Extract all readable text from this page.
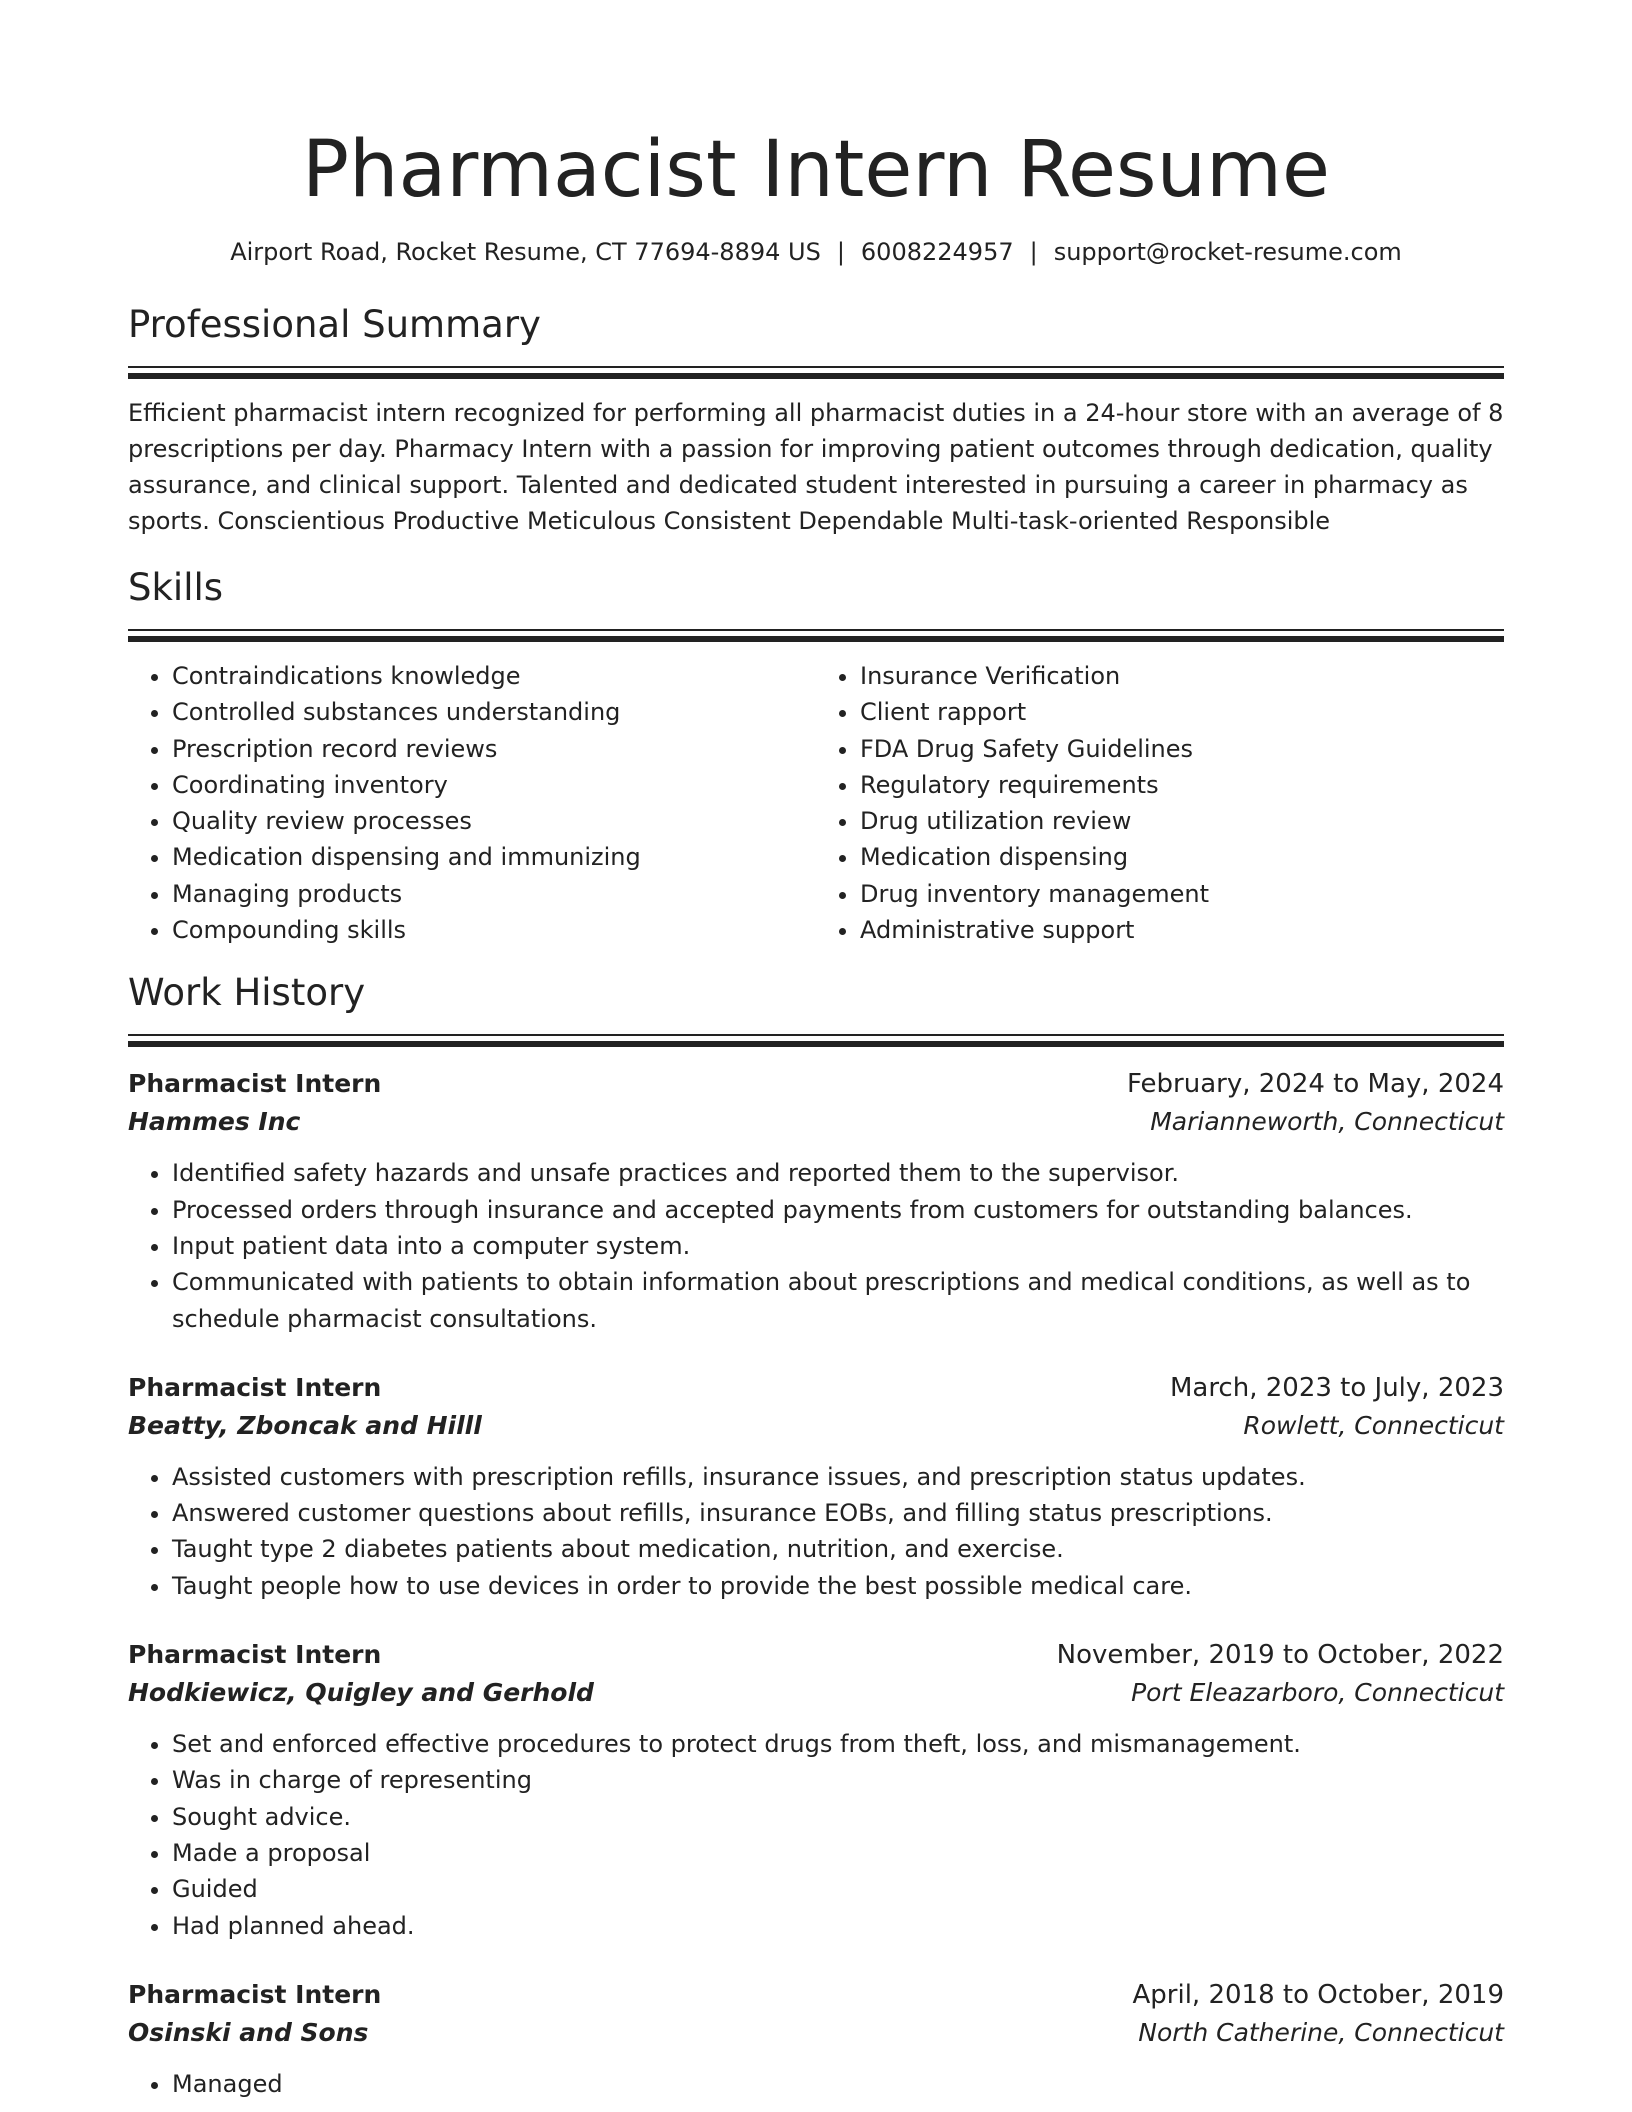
Pharmacist Intern Resume
Airport Road, Rocket Resume, CT 77694-8894 US | 6008224957 | support@rocket-resume.com
Professional Summary
Efficient pharmacist intern recognized for performing all pharmacist duties in a 24-hour store with an average of 8 prescriptions per day. Pharmacy Intern with a passion for improving patient outcomes through dedication, quality assurance, and clinical support. Talented and dedicated student interested in pursuing a career in pharmacy as sports. Conscientious Productive Meticulous Consistent Dependable Multi-task-oriented Responsible
Skills
• Contraindications knowledge
• Controlled substances understanding
• Prescription record reviews
• Coordinating inventory
• Quality review processes
• Medication dispensing and immunizing
• Managing products
• Compounding skills
• Insurance Verification
• Client rapport
• FDA Drug Safety Guidelines
• Regulatory requirements
• Drug utilization review
• Medication dispensing
• Drug inventory management
• Administrative support
Work History
Pharmacist Intern	February, 2024 to May, 2024
Hammes Inc	Marianneworth, Connecticut
• Identified safety hazards and unsafe practices and reported them to the supervisor.
• Processed orders through insurance and accepted payments from customers for outstanding balances.
• Input patient data into a computer system.
• Communicated with patients to obtain information about prescriptions and medical conditions, as well as to schedule pharmacist consultations.
Pharmacist Intern	March, 2023 to July, 2023
Beatty, Zboncak and Hilll	Rowlett, Connecticut
• Assisted customers with prescription refills, insurance issues, and prescription status updates.
• Answered customer questions about refills, insurance EOBs, and filling status prescriptions.
• Taught type 2 diabetes patients about medication, nutrition, and exercise.
• Taught people how to use devices in order to provide the best possible medical care.
Pharmacist Intern	November, 2019 to October, 2022
Hodkiewicz, Quigley and Gerhold	Port Eleazarboro, Connecticut
• Set and enforced effective procedures to protect drugs from theft, loss, and mismanagement.
• Was in charge of representing
• Sought advice.
• Made a proposal
• Guided
• Had planned ahead.
Pharmacist Intern	April, 2018 to October, 2019
Osinski and Sons	North Catherine, Connecticut
• Managed
